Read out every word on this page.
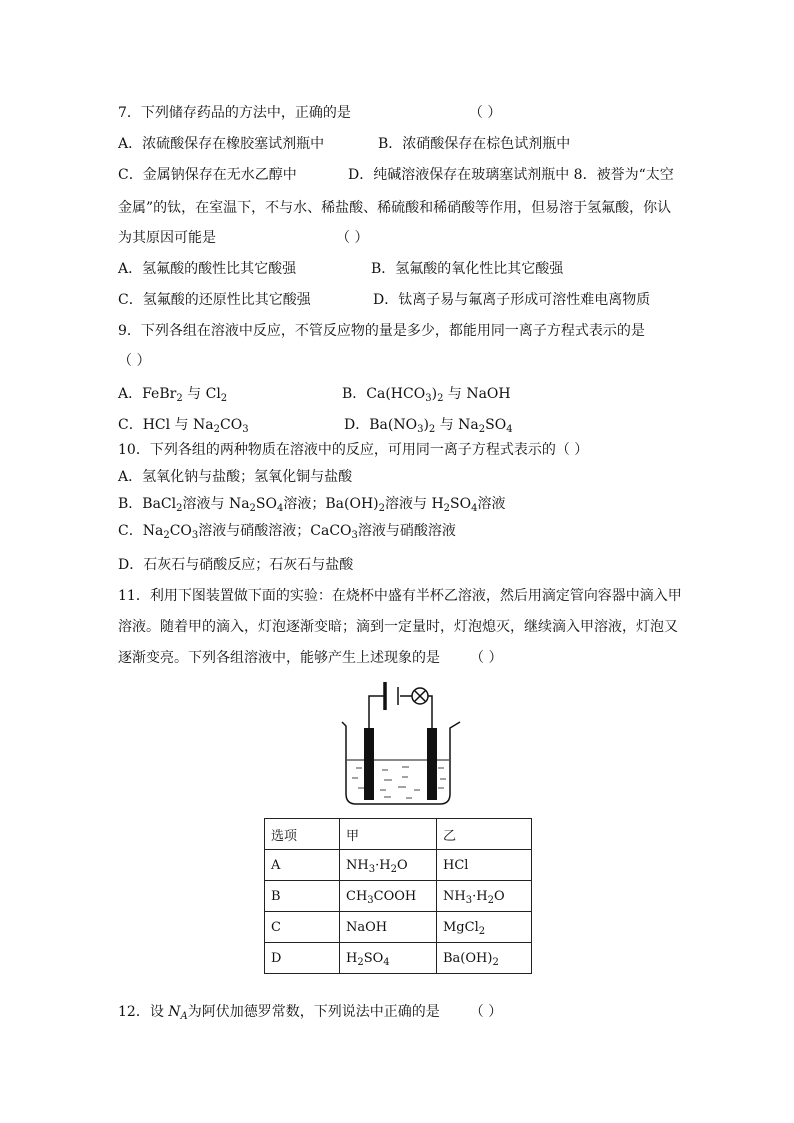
7．下列储存药品的方法中，正确的是	（ ）
A．浓硫酸保存在橡胶塞试剂瓶中	B．浓硝酸保存在棕色试剂瓶中
C．金属钠保存在无水乙醇中	D．纯碱溶液保存在玻璃塞试剂瓶中 8．被誉为“太空
金属”的钛，在室温下，不与水、稀盐酸、稀硫酸和稀硝酸等作用，但易溶于氢氟酸，你认
为其原因可能是	（ ）
A．氢氟酸的酸性比其它酸强	B．氢氟酸的氧化性比其它酸强
C．氢氟酸的还原性比其它酸强	D．钛离子易与氟离子形成可溶性难电离物质
9．下列各组在溶液中反应，不管反应物的量是多少，都能用同一离子方程式表示的是
（ ）
A．FeBr$_2$ 与 $Cl_2$	B．$Ca(HCO_3)_2$ 与 NaOH
C．HCl 与 $Na_2CO_3$	D．$Ba(NO_3)_2$ 与 $Na_2SO_4$
10．下列各组的两种物质在溶液中的反应，可用同一离子方程式表示的（ ）
A．氢氧化钠与盐酸；氢氧化铜与盐酸
B．BaCl$_2$溶液与 $Na_2SO_4$溶液；$Ba(OH)_2$溶液与 $H_2SO_4$溶液
C．$Na_2CO_3$溶液与硝酸溶液；CaCO$_3$溶液与硝酸溶液
D．石灰石与硝酸反应；石灰石与盐酸
11．利用下图装置做下面的实验：在烧杯中盛有半杯乙溶液，然后用滴定管向容器中滴入甲
溶液。随着甲的滴入，灯泡逐渐变暗；滴到一定量时，灯泡熄灭，继续滴入甲溶液，灯泡又
逐渐变亮。下列各组溶液中，能够产生上述现象的是 （ ）
选项	甲	乙
A	$NH_3\cdot H_2O$	HCl
B	$CH_3COOH$	$NH_3\cdot H_2O$
C	NaOH	MgCl$_2$
D	$H_2SO_4$	$Ba(OH)_2$
12．设 $N_A$为阿伏加德罗常数，下列说法中正确的是 （ ）
